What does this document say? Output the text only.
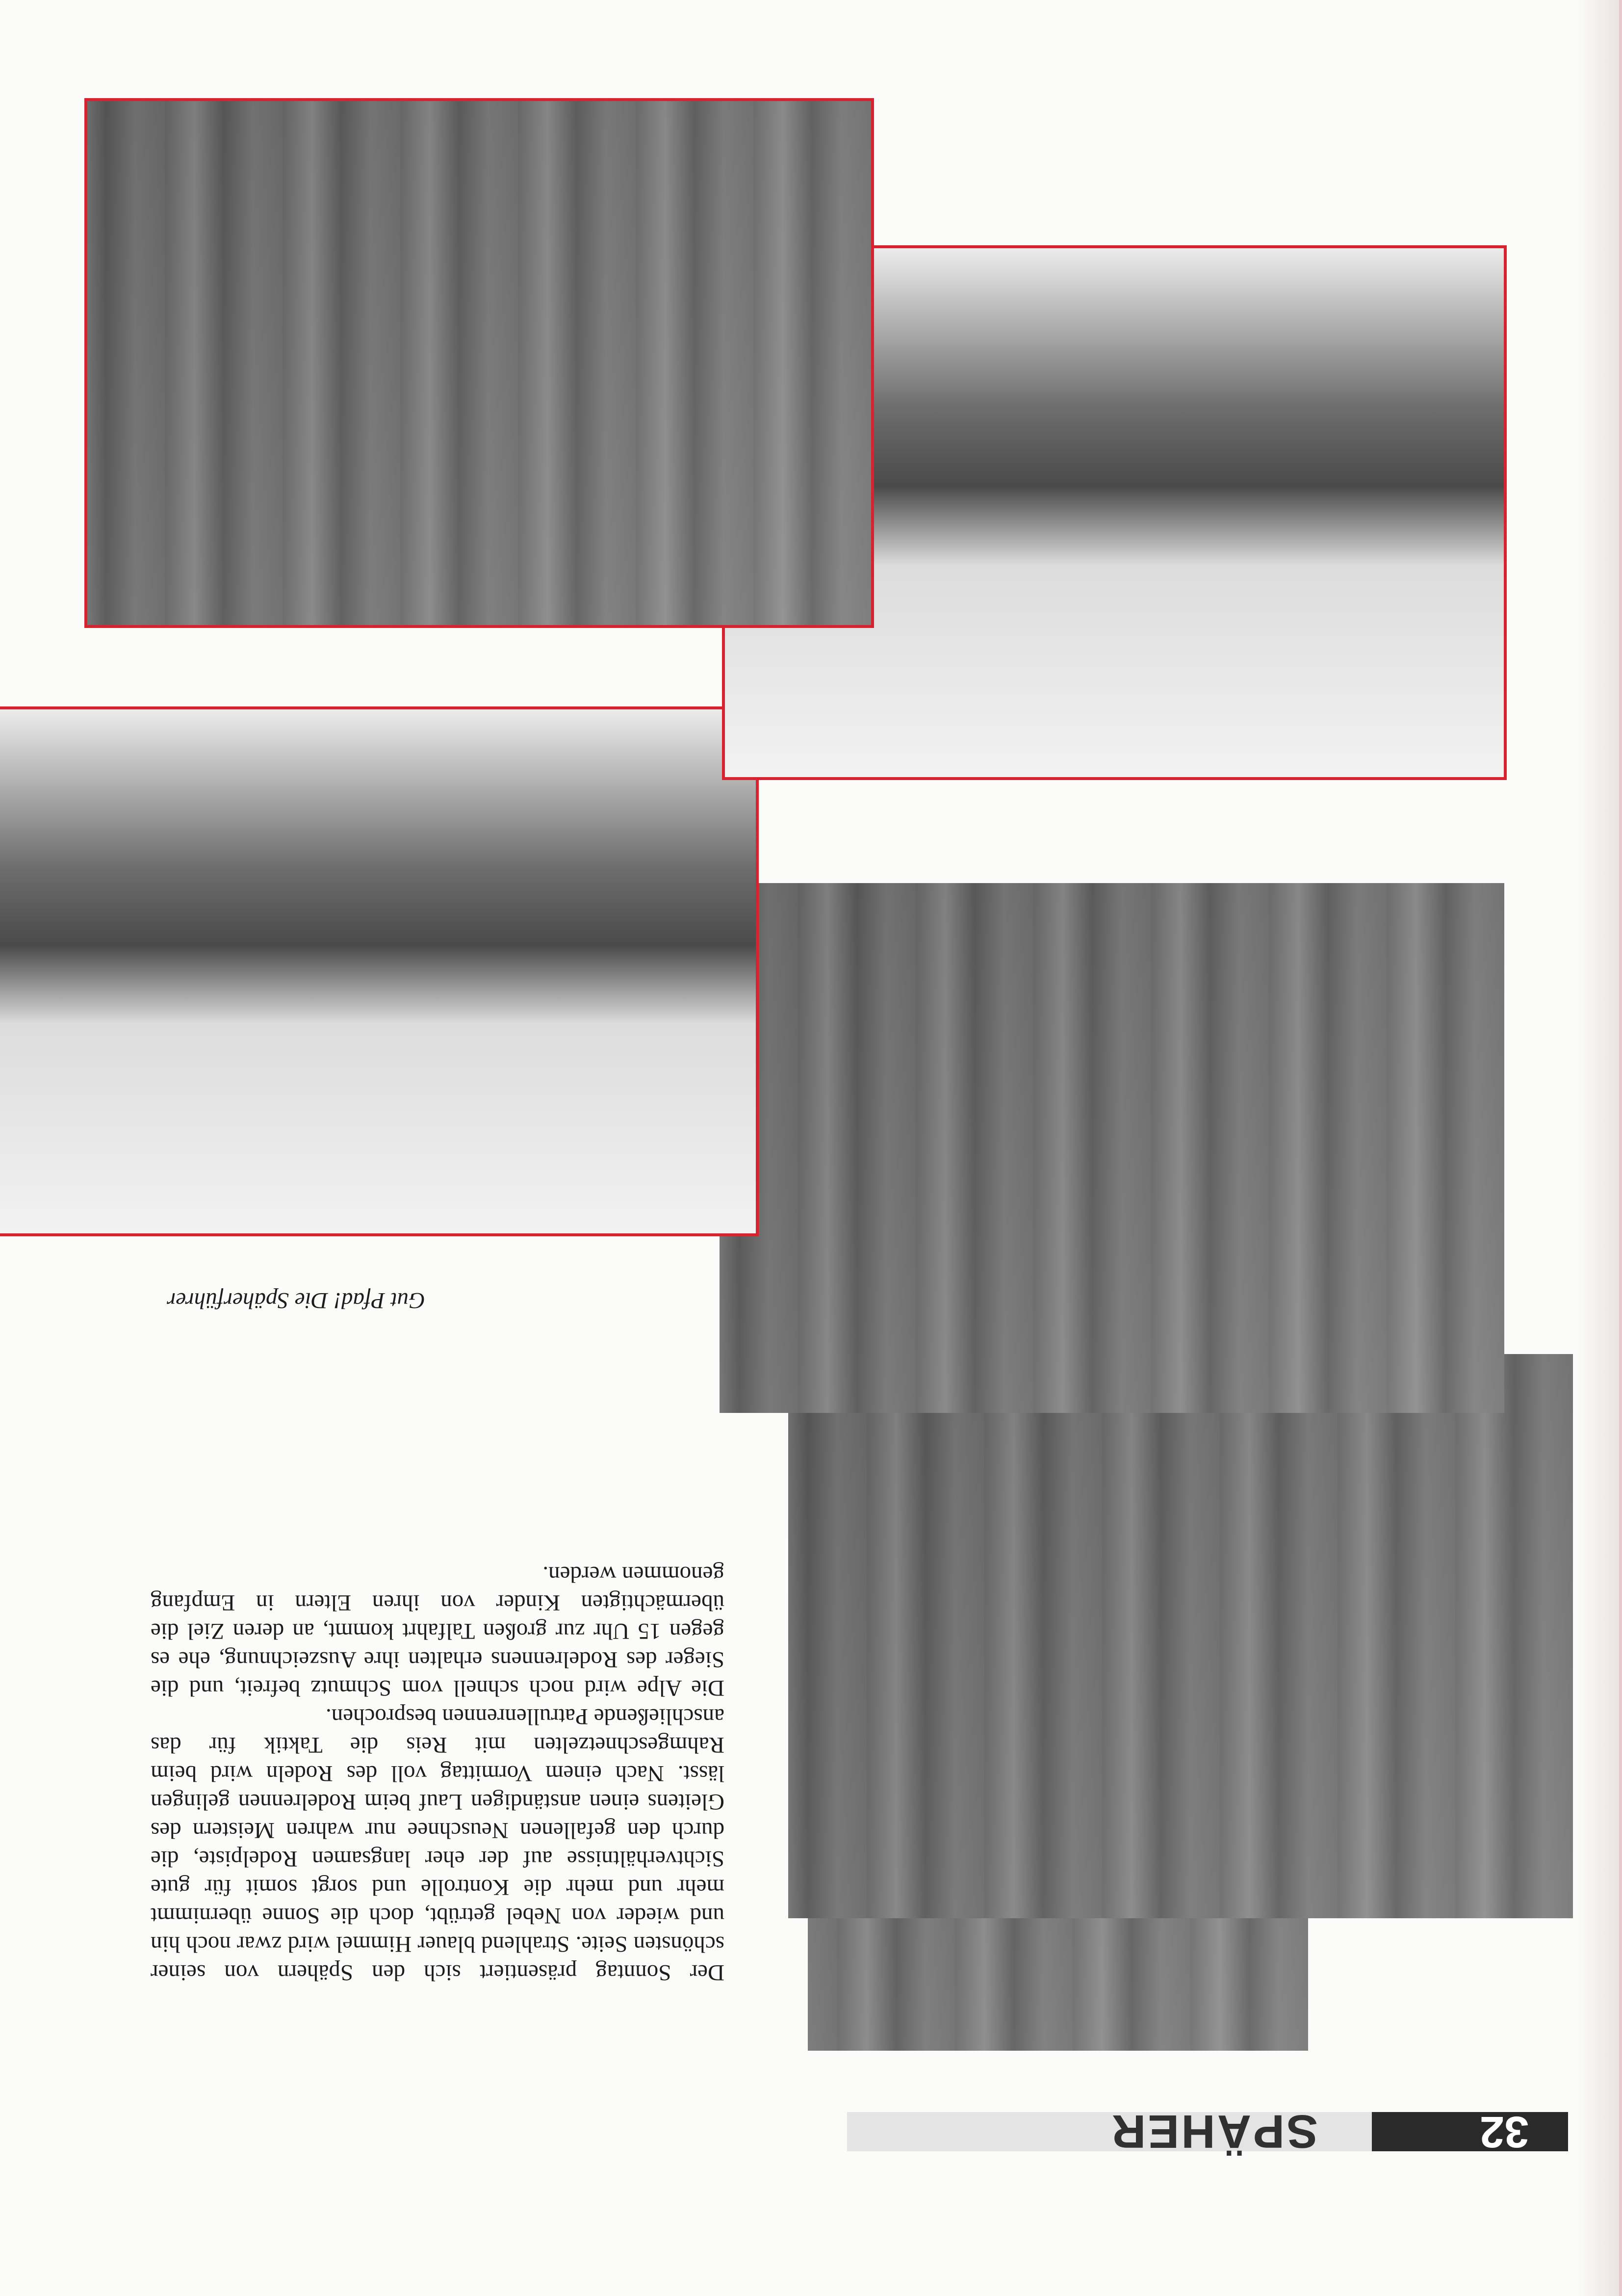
32
SPÄHER

Der Sonntag präsentiert sich den Spähern von seiner schönsten Seite. Strahlend blauer Himmel wird zwar noch hin und wieder von Nebel getrübt, doch die Sonne übernimmt mehr und mehr die Kontrolle und sorgt somit für gute Sichtverhältnisse auf der eher langsamen Rodelpiste, die durch den gefallenen Neuschnee nur wahren Meistern des Gleitens einen anständigen Lauf beim Rodelrennen gelingen lässt. Nach einem Vormittag voll des Rodeln wird beim Rahmgeschnetzelten mit Reis die Taktik für das anschließende Patrullenrennen besprochen.

Die Alpe wird noch schnell vom Schmutz befreit, und die Sieger des Rodelrennens erhalten ihre Auszeichnung, ehe es gegen 15 Uhr zur großen Talfahrt kommt, an deren Ziel die übermächtigten Kinder von ihren Eltern in Empfang genommen werden.

Gut Pfad! Die Späherführer
